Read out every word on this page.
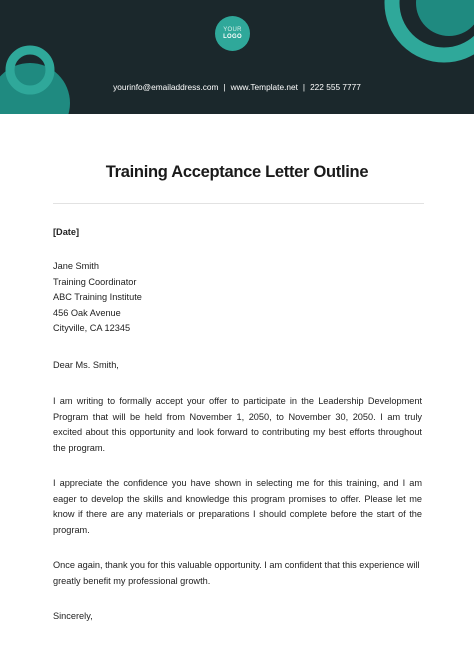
YOUR
LOGO
yourinfo@emailaddress.com | www.Template.net | 222 555 7777
Training Acceptance Letter Outline
[Date]
Jane Smith
Training Coordinator
ABC Training Institute
456 Oak Avenue
Cityville, CA 12345
Dear Ms. Smith,
I am writing to formally accept your offer to participate in the Leadership Development Program that will be held from November 1, 2050, to November 30, 2050. I am truly excited about this opportunity and look forward to contributing my best efforts throughout the program.
I appreciate the confidence you have shown in selecting me for this training, and I am eager to develop the skills and knowledge this program promises to offer. Please let me know if there are any materials or preparations I should complete before the start of the program.
Once again, thank you for this valuable opportunity. I am confident that this experience will greatly benefit my professional growth.
Sincerely,
